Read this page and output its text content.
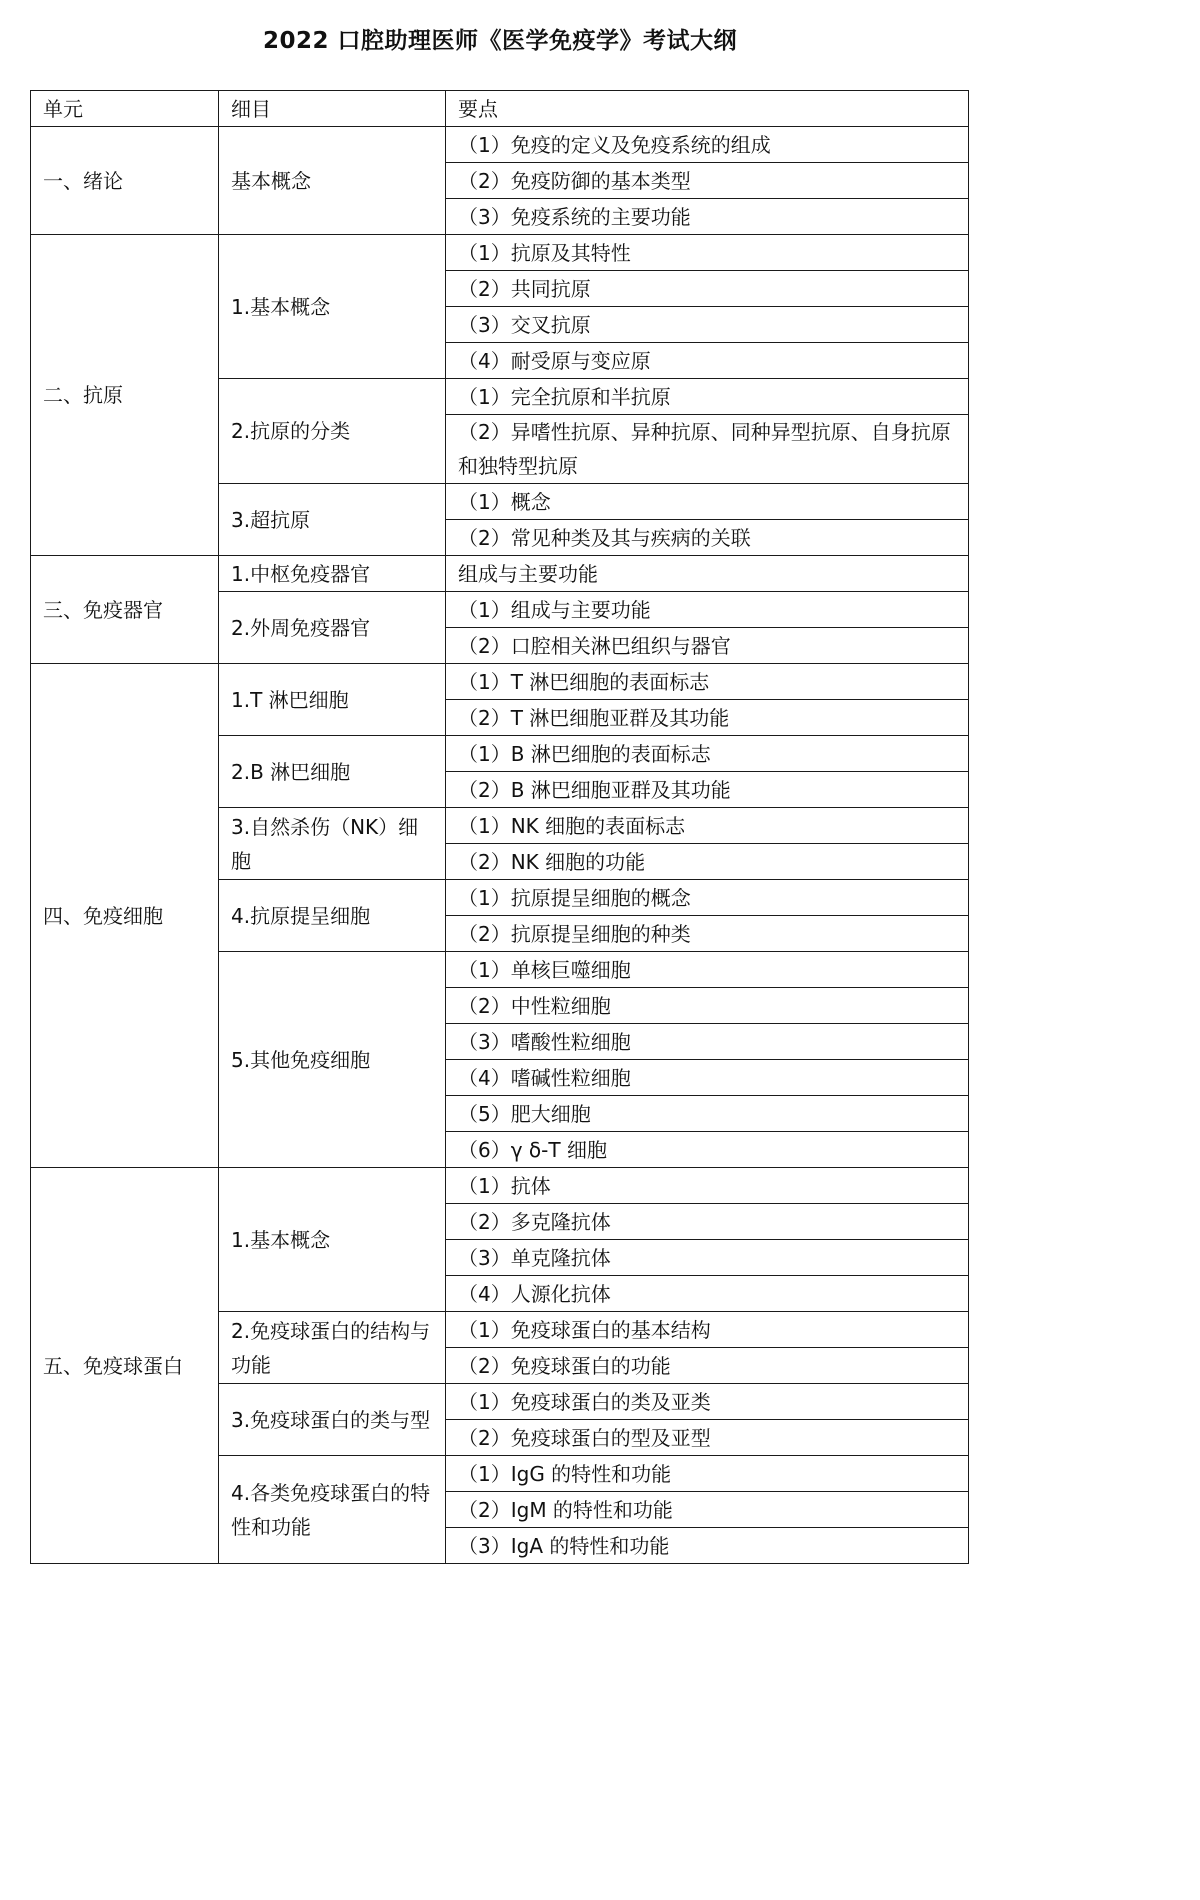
2022 口腔助理医师《医学免疫学》考试大纲
单元	细目	要点
一、绪论	基本概念	（1）免疫的定义及免疫系统的组成
		（2）免疫防御的基本类型
		（3）免疫系统的主要功能
二、抗原	1.基本概念	（1）抗原及其特性
		（2）共同抗原
		（3）交叉抗原
		（4）耐受原与变应原
	2.抗原的分类	（1）完全抗原和半抗原
		（2）异嗜性抗原、异种抗原、同种异型抗原、自身抗原和独特型抗原
	3.超抗原	（1）概念
		（2）常见种类及其与疾病的关联
三、免疫器官	1.中枢免疫器官	组成与主要功能
	2.外周免疫器官	（1）组成与主要功能
		（2）口腔相关淋巴组织与器官
四、免疫细胞	1.T 淋巴细胞	（1）T 淋巴细胞的表面标志
		（2）T 淋巴细胞亚群及其功能
	2.B 淋巴细胞	（1）B 淋巴细胞的表面标志
		（2）B 淋巴细胞亚群及其功能
	3.自然杀伤（NK）细胞	（1）NK 细胞的表面标志
		（2）NK 细胞的功能
	4.抗原提呈细胞	（1）抗原提呈细胞的概念
		（2）抗原提呈细胞的种类
	5.其他免疫细胞	（1）单核巨噬细胞
		（2）中性粒细胞
		（3）嗜酸性粒细胞
		（4）嗜碱性粒细胞
		（5）肥大细胞
		（6）γ δ-T 细胞
五、免疫球蛋白	1.基本概念	（1）抗体
		（2）多克隆抗体
		（3）单克隆抗体
		（4）人源化抗体
	2.免疫球蛋白的结构与功能	（1）免疫球蛋白的基本结构
		（2）免疫球蛋白的功能
	3.免疫球蛋白的类与型	（1）免疫球蛋白的类及亚类
		（2）免疫球蛋白的型及亚型
	4.各类免疫球蛋白的特性和功能	（1）IgG 的特性和功能
		（2）IgM 的特性和功能
		（3）IgA 的特性和功能
